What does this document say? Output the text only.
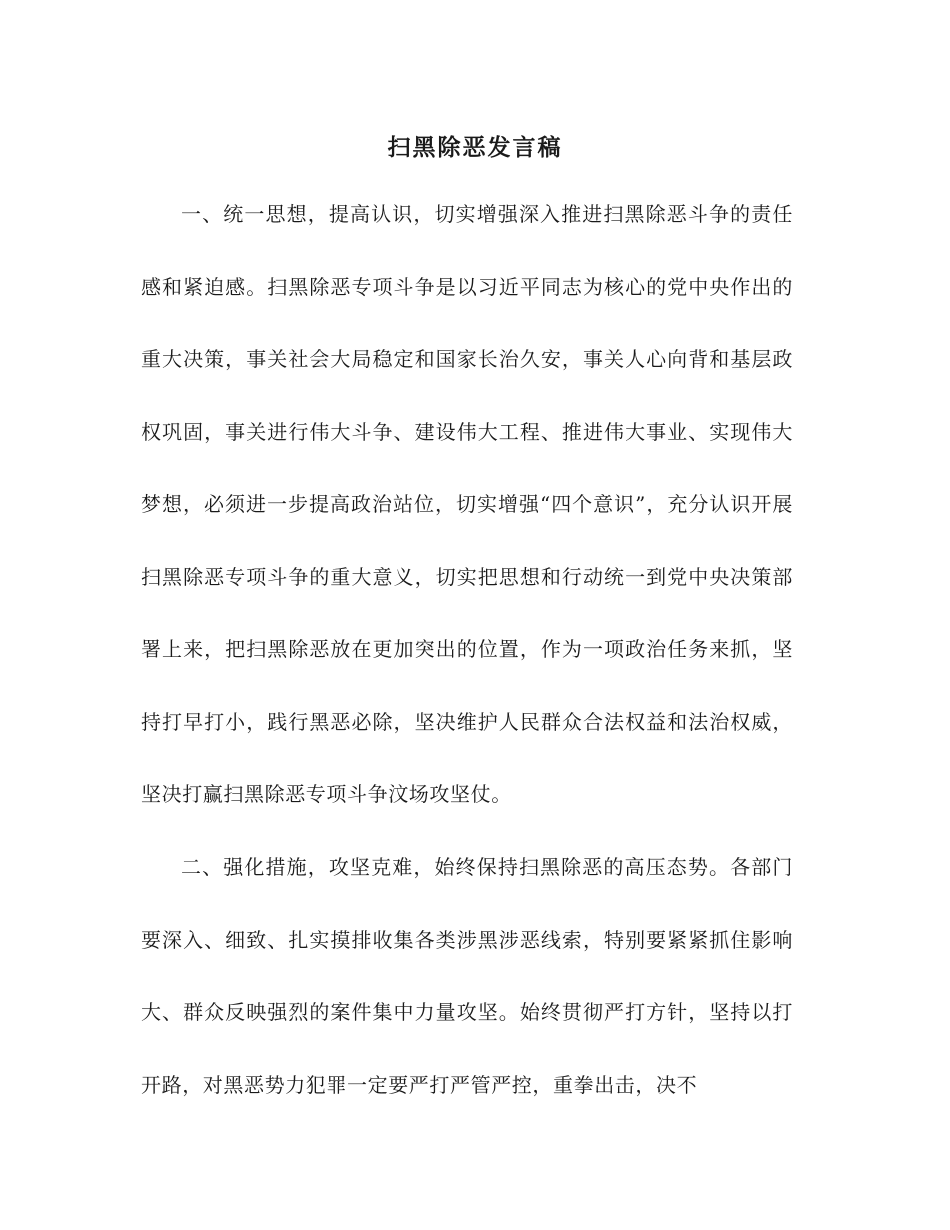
扫黑除恶发言稿

一、统一思想，提高认识，切实增强深入推进扫黑除恶斗争的责任感和紧迫感。扫黑除恶专项斗争是以习近平同志为核心的党中央作出的重大决策，事关社会大局稳定和国家长治久安，事关人心向背和基层政权巩固，事关进行伟大斗争、建设伟大工程、推进伟大事业、实现伟大梦想，必须进一步提高政治站位，切实增强“四个意识”，充分认识开展扫黑除恶专项斗争的重大意义，切实把思想和行动统一到党中央决策部署上来，把扫黑除恶放在更加突出的位置，作为一项政治任务来抓，坚持打早打小，践行黑恶必除，坚决维护人民群众合法权益和法治权威，坚决打赢扫黑除恶专项斗争汶场攻坚仗。

二、强化措施，攻坚克难，始终保持扫黑除恶的高压态势。各部门要深入、细致、扎实摸排收集各类涉黑涉恶线索，特别要紧紧抓住影响大、群众反映强烈的案件集中力量攻坚。始终贯彻严打方针，坚持以打开路，对黑恶势力犯罪一定要严打严管严控，重拳出击，决不
